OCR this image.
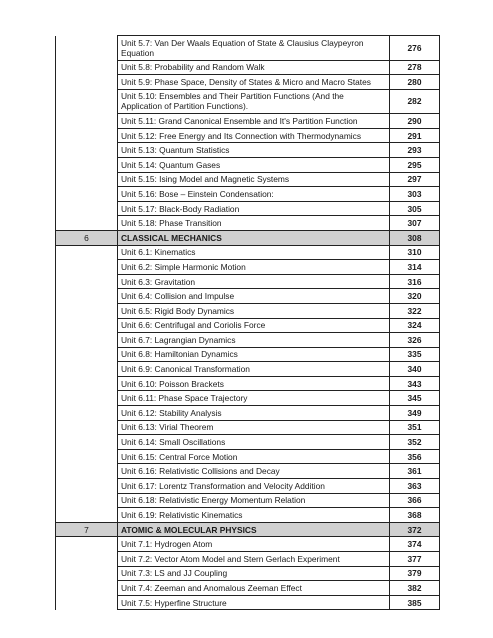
	Unit 5.7: Van Der Waals Equation of State & Clausius Claypeyron Equation	276
	Unit 5.8: Probability and Random Walk	278
	Unit 5.9: Phase Space, Density of States & Micro and Macro States	280
	Unit 5.10: Ensembles and Their Partition Functions (And the Application of Partition Functions).	282
	Unit 5.11: Grand Canonical Ensemble and It's Partition Function	290
	Unit 5.12: Free Energy and Its Connection with Thermodynamics	291
	Unit 5.13: Quantum Statistics	293
	Unit 5.14: Quantum Gases	295
	Unit 5.15: Ising Model and Magnetic Systems	297
	Unit 5.16: Bose – Einstein Condensation:	303
	Unit 5.17: Black-Body Radiation	305
	Unit 5.18: Phase Transition	307
6	CLASSICAL MECHANICS	308
	Unit 6.1: Kinematics	310
	Unit 6.2: Simple Harmonic Motion	314
	Unit 6.3: Gravitation	316
	Unit 6.4: Collision and Impulse	320
	Unit 6.5: Rigid Body Dynamics	322
	Unit 6.6: Centrifugal and Coriolis Force	324
	Unit 6.7: Lagrangian Dynamics	326
	Unit 6.8: Hamiltonian Dynamics	335
	Unit 6.9: Canonical Transformation	340
	Unit 6.10: Poisson Brackets	343
	Unit 6.11: Phase Space Trajectory	345
	Unit 6.12: Stability Analysis	349
	Unit 6.13: Virial Theorem	351
	Unit 6.14: Small Oscillations	352
	Unit 6.15: Central Force Motion	356
	Unit 6.16: Relativistic Collisions and Decay	361
	Unit 6.17: Lorentz Transformation and Velocity Addition	363
	Unit 6.18: Relativistic Energy Momentum Relation	366
	Unit 6.19: Relativistic Kinematics	368
7	ATOMIC & MOLECULAR PHYSICS	372
	Unit 7.1: Hydrogen Atom	374
	Unit 7.2: Vector Atom Model and Stern Gerlach Experiment	377
	Unit 7.3: LS and JJ Coupling	379
	Unit 7.4: Zeeman and Anomalous Zeeman Effect	382
	Unit 7.5: Hyperfine Structure	385
